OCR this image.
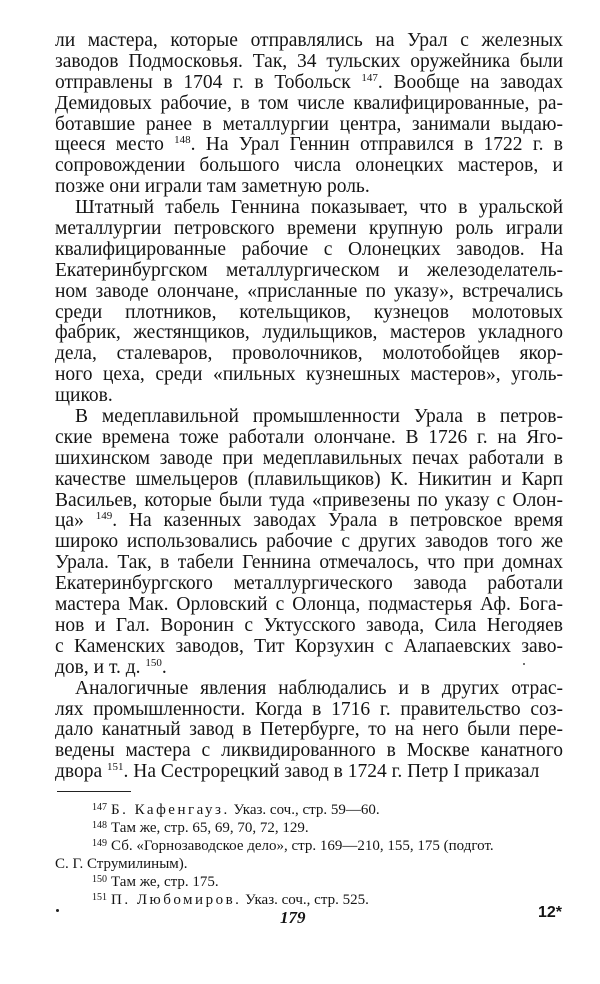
ли мастера, которые отправлялись на Урал с железных
заводов Подмосковья. Так, 34 тульских оружейника были
отправлены в 1704 г. в Тобольск $^{147}$. Вообще на заводах
Демидовых рабочие, в том числе квалифицированные, ра-
ботавшие ранее в металлургии центра, занимали выдаю-
щееся место $^{148}$. На Урал Геннин отправился в 1722 г. в
сопровождении большого числа олонецких мастеров, и
позже они играли там заметную роль.
Штатный табель Геннина показывает, что в уральской
металлургии петровского времени крупную роль играли
квалифицированные рабочие с Олонецких заводов. На
Екатеринбургском металлургическом и железоделатель-
ном заводе олончане, «присланные по указу», встречались
среди плотников, котельщиков, кузнецов молотовых
фабрик, жестянщиков, лудильщиков, мастеров укладного
дела, сталеваров, проволочников, молотобойцев якор-
ного цеха, среди «пильных кузнешных мастеров», уголь-
щиков.
В медеплавильной промышленности Урала в петров-
ские времена тоже работали олончане. В 1726 г. на Яго-
шихинском заводе при медеплавильных печах работали в
качестве шмельцеров (плавильщиков) К. Никитин и Карп
Васильев, которые были туда «привезены по указу с Олон-
ца» $^{149}$. На казенных заводах Урала в петровское время
широко использовались рабочие с других заводов того же
Урала. Так, в табели Геннина отмечалось, что при домнах
Екатеринбургского металлургического завода работали
мастера Мак. Орловский с Олонца, подмастерья Аф. Бога-
нов и Гал. Воронин с Уктусского завода, Сила Негодяев
с Каменских заводов, Тит Корзухин с Алапаевских заво-
дов, и т. д. $^{150}$.
Аналогичные явления наблюдались и в других отрас-
лях промышленности. Когда в 1716 г. правительство соз-
дало канатный завод в Петербурге, то на него были пере-
ведены мастера с ликвидированного в Москве канатного
двора $^{151}$. На Сестрорецкий завод в 1724 г. Петр I приказал
$^{147}$ Б. Кафенгауз. Указ. соч., стр. 59—60.
$^{148}$ Там же, стр. 65, 69, 70, 72, 129.
$^{149}$ Сб. «Горнозаводское дело», стр. 169—210, 155, 175 (подгот.
С. Г. Струмилиным).
$^{150}$ Там же, стр. 175.
$^{151}$ П. Любомиров. Указ. соч., стр. 525.
179	12*
